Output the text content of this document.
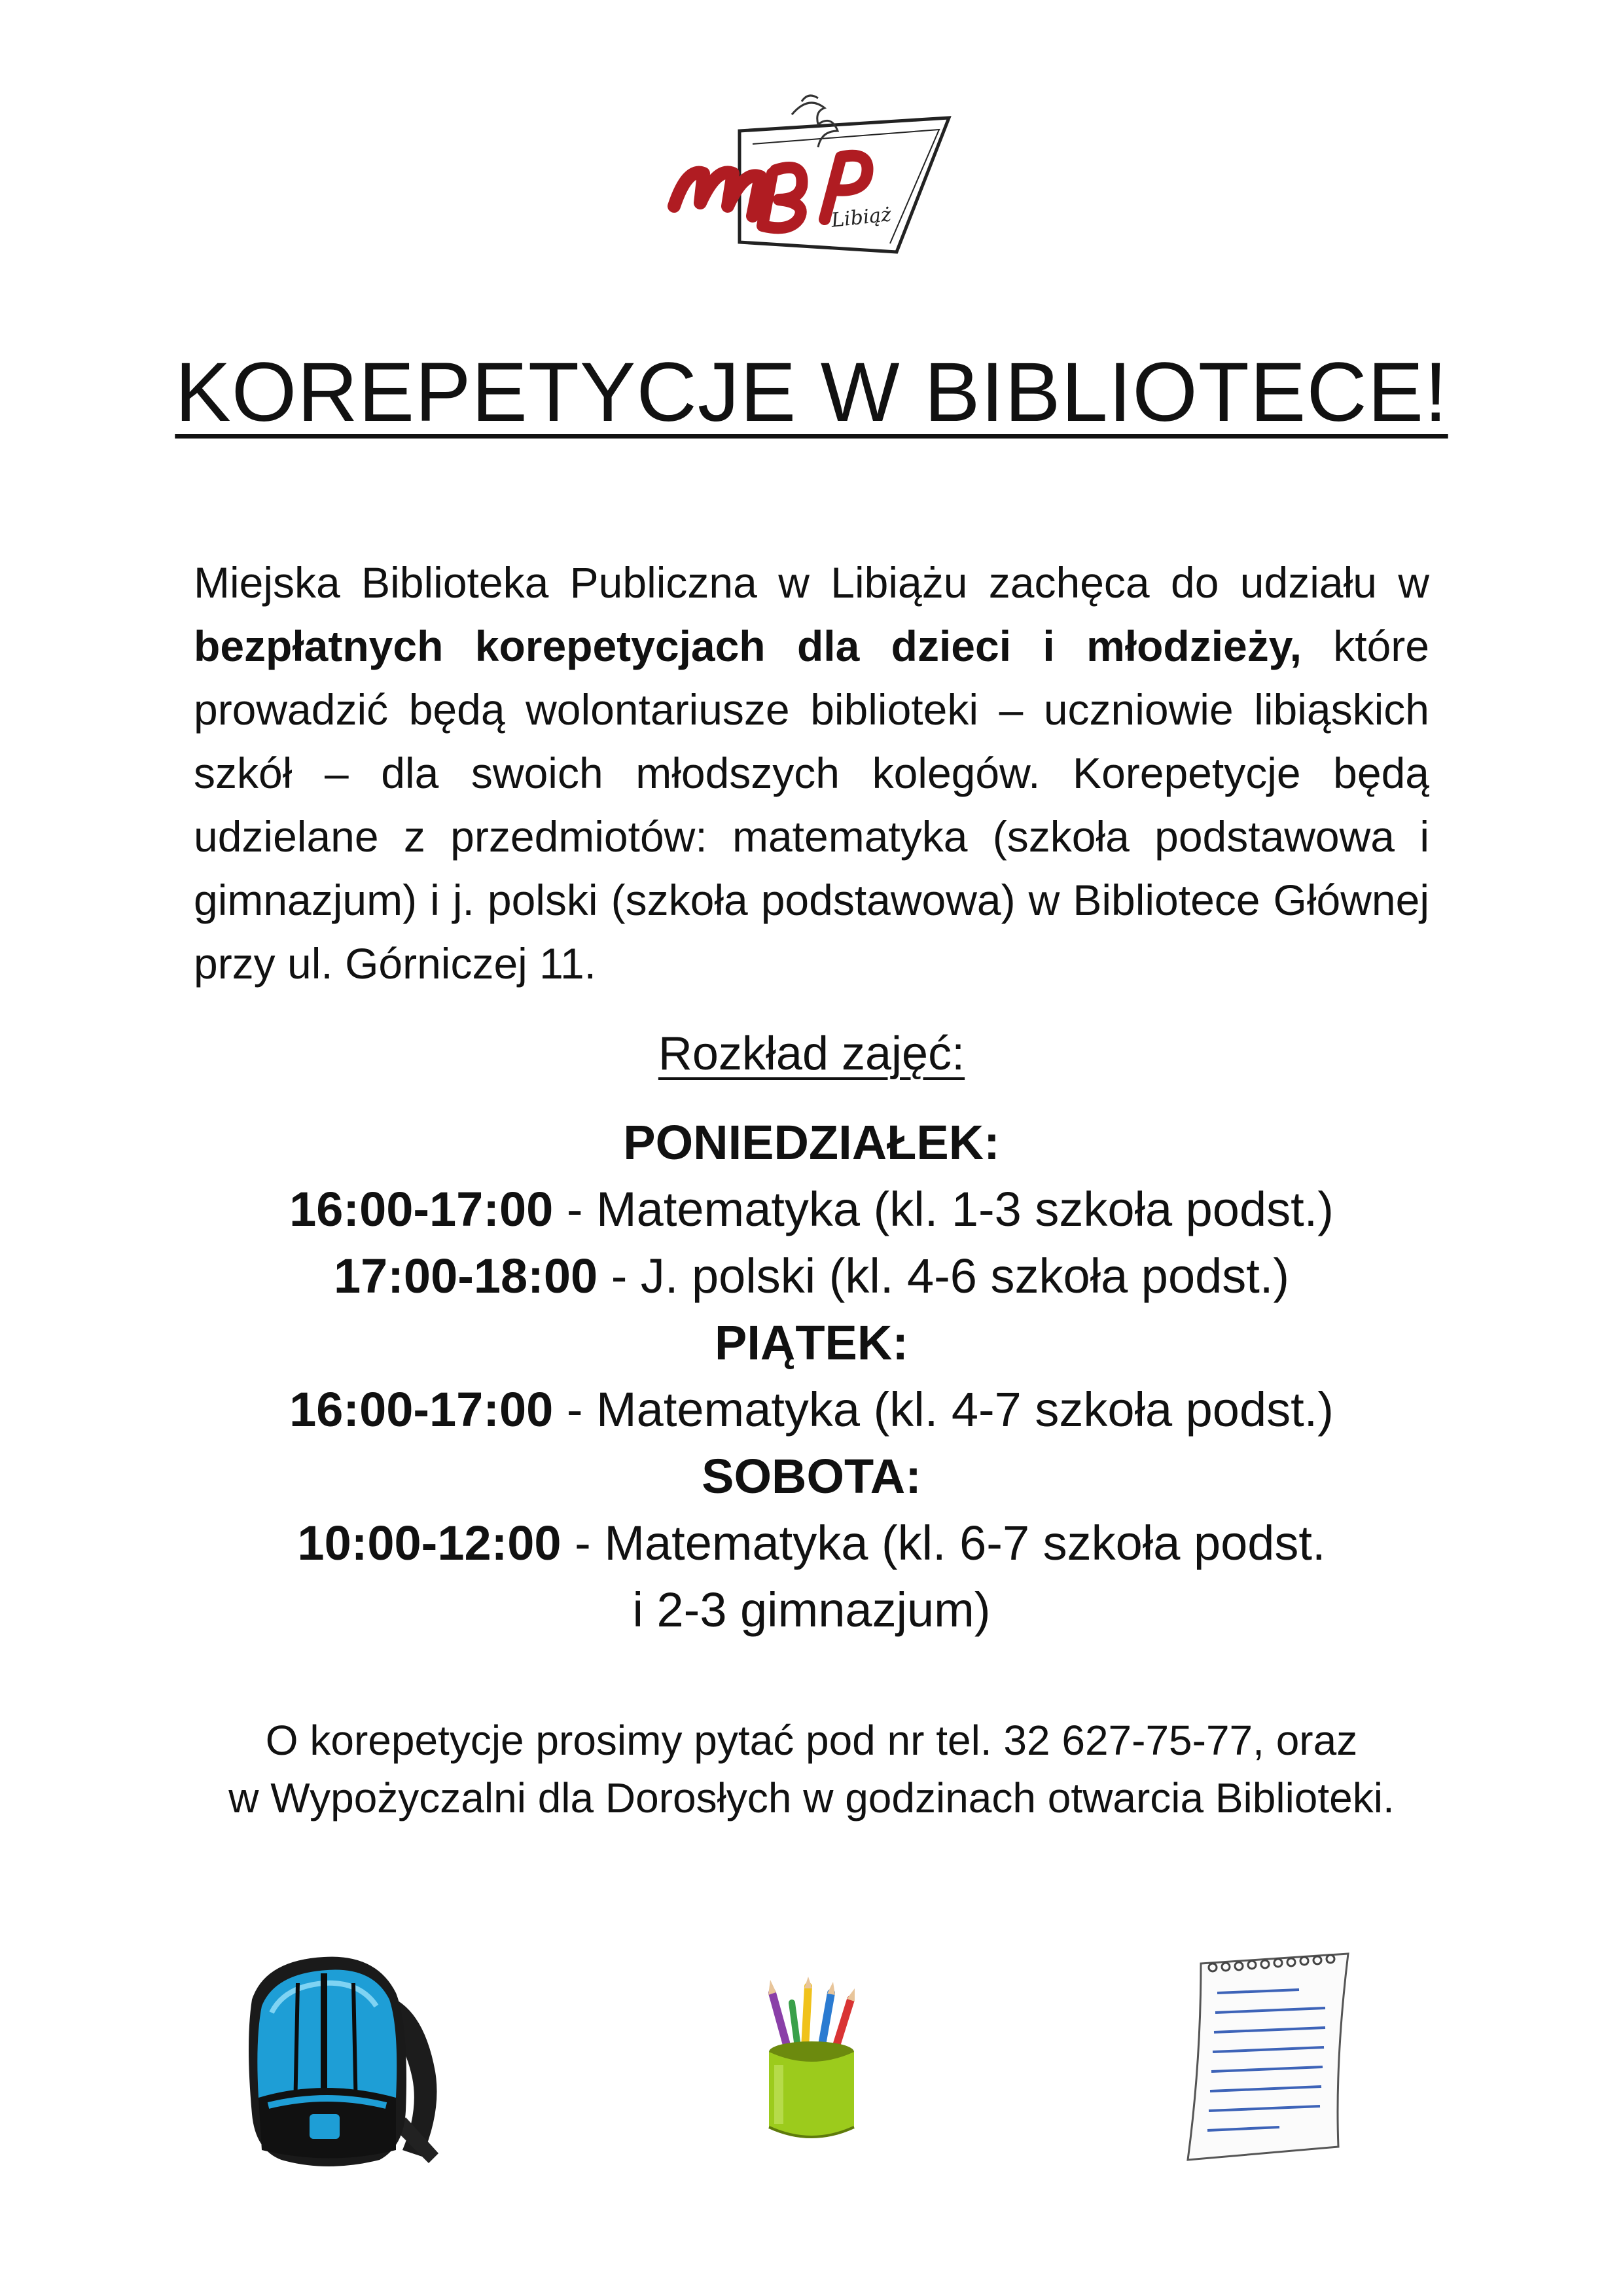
Libiąż
KOREPETYCJE W BIBLIOTECE!
Miejska Biblioteka Publiczna w Libiążu zachęca do udziału w bezpłatnych korepetycjach dla dzieci i młodzieży, które prowadzić będą wolontariusze biblioteki – uczniowie libiąskich szkół – dla swoich młodszych kolegów. Korepetycje będą udzielane z przedmiotów: matematyka (szkoła podstawowa i gimnazjum) i j. polski (szkoła podstawowa) w Bibliotece Głównej przy ul. Górniczej 11.
Rozkład zajęć:
PONIEDZIAŁEK:
16:00-17:00 - Matematyka (kl. 1-3 szkoła podst.)
17:00-18:00 - J. polski (kl. 4-6 szkoła podst.)
PIĄTEK:
16:00-17:00 - Matematyka (kl. 4-7 szkoła podst.)
SOBOTA:
10:00-12:00 - Matematyka (kl. 6-7 szkoła podst.
i 2-3 gimnazjum)
O korepetycje prosimy pytać pod nr tel. 32 627-75-77, oraz
w Wypożyczalni dla Dorosłych w godzinach otwarcia Biblioteki.
